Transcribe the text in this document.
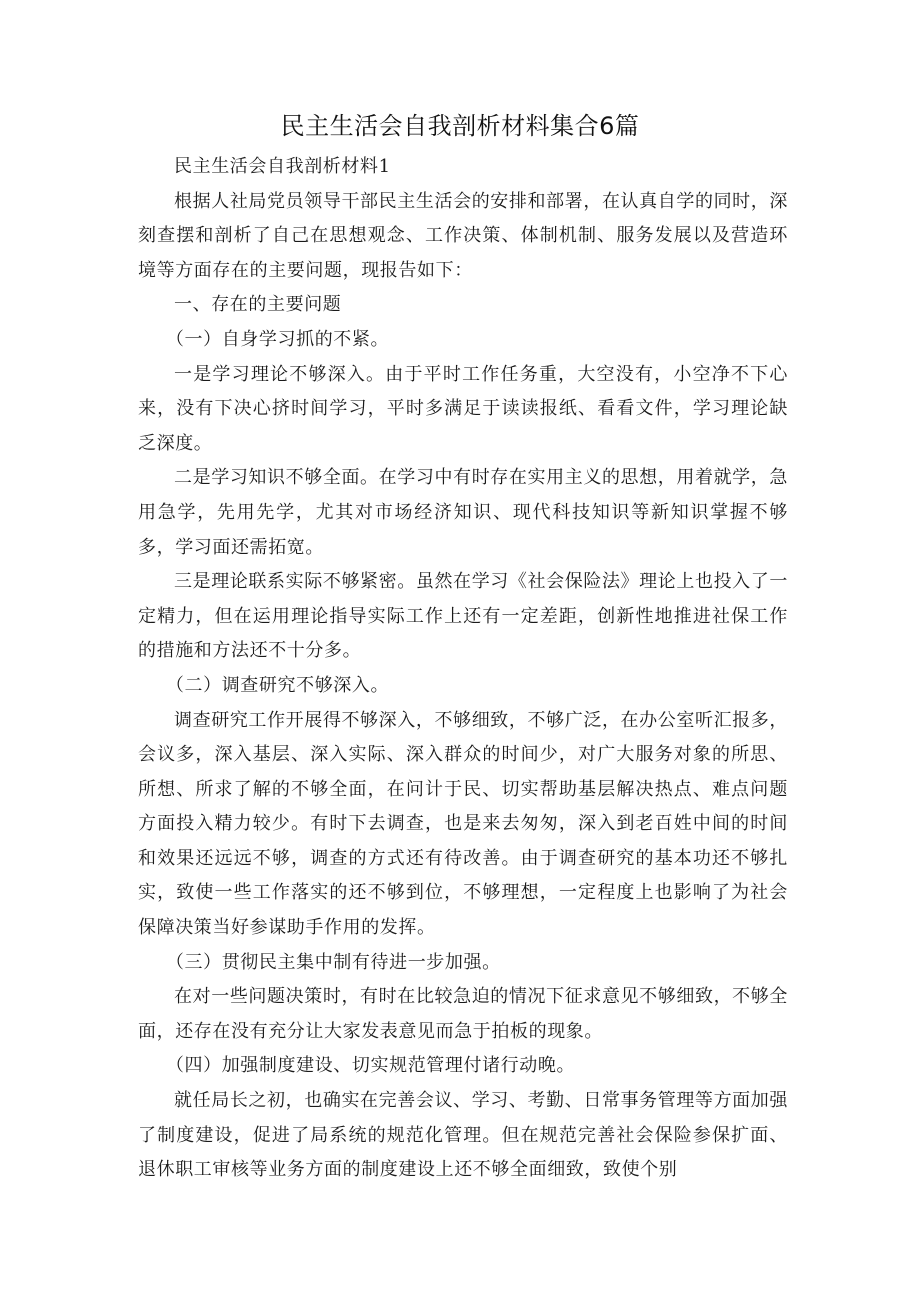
民主生活会自我剖析材料集合6篇

民主生活会自我剖析材料1

根据人社局党员领导干部民主生活会的安排和部署，在认真自学的同时，深刻查摆和剖析了自己在思想观念、工作决策、体制机制、服务发展以及营造环境等方面存在的主要问题，现报告如下：

一、存在的主要问题

（一）自身学习抓的不紧。

一是学习理论不够深入。由于平时工作任务重，大空没有，小空净不下心来，没有下决心挤时间学习，平时多满足于读读报纸、看看文件，学习理论缺乏深度。

二是学习知识不够全面。在学习中有时存在实用主义的思想，用着就学，急用急学，先用先学，尤其对市场经济知识、现代科技知识等新知识掌握不够多，学习面还需拓宽。

三是理论联系实际不够紧密。虽然在学习《社会保险法》理论上也投入了一定精力，但在运用理论指导实际工作上还有一定差距，创新性地推进社保工作的措施和方法还不十分多。

（二）调查研究不够深入。

调查研究工作开展得不够深入，不够细致，不够广泛，在办公室听汇报多，会议多，深入基层、深入实际、深入群众的时间少，对广大服务对象的所思、所想、所求了解的不够全面，在问计于民、切实帮助基层解决热点、难点问题方面投入精力较少。有时下去调查，也是来去匆匆，深入到老百姓中间的时间和效果还远远不够，调查的方式还有待改善。由于调查研究的基本功还不够扎实，致使一些工作落实的还不够到位，不够理想，一定程度上也影响了为社会保障决策当好参谋助手作用的发挥。

（三）贯彻民主集中制有待进一步加强。

在对一些问题决策时，有时在比较急迫的情况下征求意见不够细致，不够全面，还存在没有充分让大家发表意见而急于拍板的现象。

（四）加强制度建设、切实规范管理付诸行动晚。

就任局长之初，也确实在完善会议、学习、考勤、日常事务管理等方面加强了制度建设，促进了局系统的规范化管理。但在规范完善社会保险参保扩面、退休职工审核等业务方面的制度建设上还不够全面细致，致使个别
